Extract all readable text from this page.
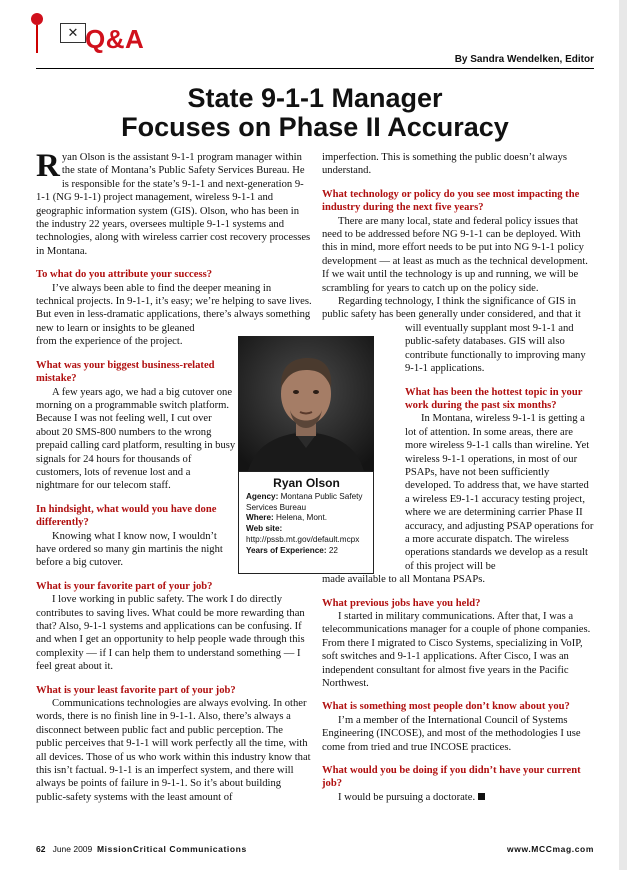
✕ Q&A
By Sandra Wendelken, Editor
State 9-1-1 Manager
Focuses on Phase II Accuracy

Ryan Olson is the assistant 9-1-1 program manager within the state of Montana’s Public Safety Services Bureau. He is responsible for the state’s 9-1-1 and next-generation 9-1-1 (NG 9-1-1) project management, wireless 9-1-1 and geographic information system (GIS). Olson, who has been in the industry 22 years, oversees multiple 9-1-1 systems and technologies, along with wireless carrier cost recovery processes in Montana.

To what do you attribute your success?

I’ve always been able to find the deeper meaning in technical projects. In 9-1-1, it’s easy; we’re helping to save lives. But even in less-dramatic applications, there’s always something new to learn or insights to be gleaned

from the experience of the project.

What was your biggest business-related mistake?

A few years ago, we had a big cutover one morning on a programmable switch platform. Because I was not feeling well, I cut over about 20 SMS-800 numbers to the wrong prepaid calling card platform, resulting in busy signals for 24 hours for thousands of customers, lots of revenue lost and a nightmare for our telecom staff.

In hindsight, what would you have done differently?

Knowing what I know now, I wouldn’t have ordered so many gin martinis the night before a big cutover.

What is your favorite part of your job?

I love working in public safety. The work I do directly contributes to saving lives. What could be more rewarding than that? Also, 9-1-1 systems and applications can be confusing. If and when I get an opportunity to help people wade through this complexity — if I can help them to understand something — I feel great about it.

What is your least favorite part of your job?

Communications technologies are always evolving. In other words, there is no finish line in 9-1-1. Also, there’s always a disconnect between public fact and public perception. The public perceives that 9-1-1 will work perfectly all the time, with all devices. Those of us who work within this industry know that this isn’t factual. 9-1-1 is an imperfect system, and there will always be points of failure in 9-1-1. So it’s about building public-safety systems with the least amount of

imperfection. This is something the public doesn’t always understand.

What technology or policy do you see most impacting the industry during the next five years?

There are many local, state and federal policy issues that need to be addressed before NG 9-1-1 can be deployed. With this in mind, more effort needs to be put into NG 9-1-1 policy development — at least as much as the technical development. If we wait until the technology is up and running, we will be scrambling for years to catch up on the policy side.

Regarding technology, I think the significance of GIS in public safety has been generally under considered, and that it

will eventually supplant most 9-1-1 and public-safety databases. GIS will also contribute functionally to improving many 9-1-1 applications.

What has been the hottest topic in your work during the past six months?

In Montana, wireless 9-1-1 is getting a lot of attention. In some areas, there are more wireless 9-1-1 calls than wireline. Yet wireless 9-1-1 operations, in most of our PSAPs, have not been sufficiently developed. To address that, we have started a wireless E9-1-1 accuracy testing project, where we are determining carrier Phase II accuracy, and adjusting PSAP operations for a more accurate dispatch. The wireless operations standards we develop as a result of this project will be

made available to all Montana PSAPs.

What previous jobs have you held?

I started in military communications. After that, I was a telecommunications manager for a couple of phone companies. From there I migrated to Cisco Systems, specializing in VoIP, soft switches and 9-1-1 applications. After Cisco, I was an independent consultant for almost five years in the Pacific Northwest.

What is something most people don’t know about you?

I’m a member of the International Council of Systems Engineering (INCOSE), and most of the methodologies I use come from tried and true INCOSE practices.

What would you be doing if you didn’t have your current job?

I would be pursuing a doctorate.

Ryan Olson
Agency: Montana Public Safety Services Bureau
Where: Helena, Mont.
Web site:
http://pssb.mt.gov/default.mcpx
Years of Experience: 22
62 June 2009 MissionCritical Communications	www.MCCmag.com
